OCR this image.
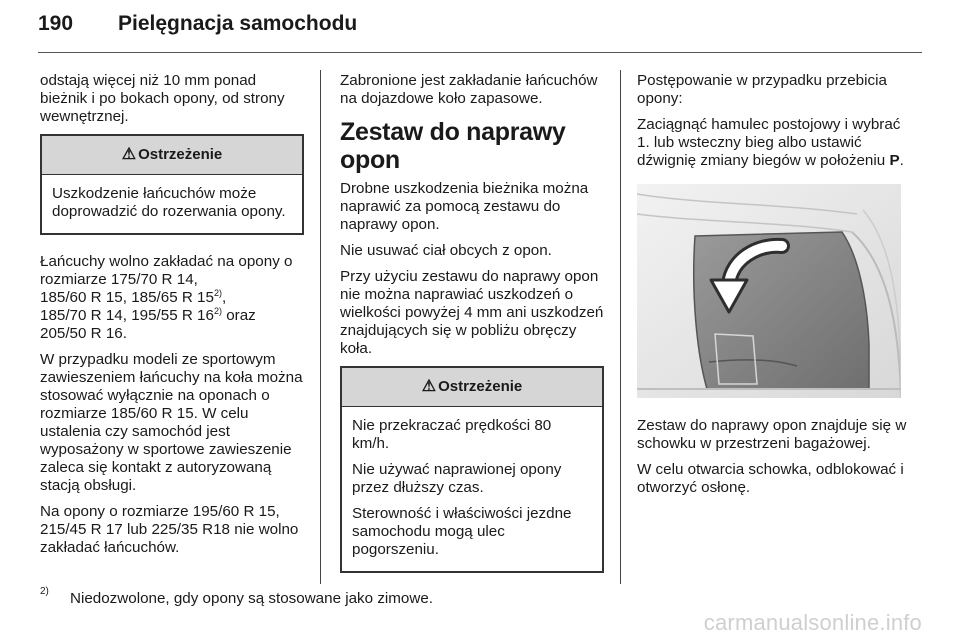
190	Pielęgnacja samochodu

odstają więcej niż 10 mm ponad bieżnik i po bokach opony, od strony wewnętrznej.

⚠ Ostrzeżenie

Uszkodzenie łańcuchów może doprowadzić do rozerwania opony.

Łańcuchy wolno zakładać na opony o rozmiarze 175/70 R 14,
185/60 R 15, 185/65 R 15$^{2)}$,
185/70 R 14, 195/55 R 16$^{2)}$ oraz
205/50 R 16.

W przypadku modeli ze sportowym zawieszeniem łańcuchy na koła można stosować wyłącznie na oponach o rozmiarze 185/60 R 15. W celu ustalenia czy samochód jest wyposażony w sportowe zawieszenie zaleca się kontakt z autoryzowaną stacją obsługi.

Na opony o rozmiarze 195/60 R 15, 215/45 R 17 lub 225/35 R18 nie wolno zakładać łańcuchów.

Zabronione jest zakładanie łańcuchów na dojazdowe koło zapasowe.

Zestaw do naprawy opon

Drobne uszkodzenia bieżnika można naprawić za pomocą zestawu do naprawy opon.

Nie usuwać ciał obcych z opon.

Przy użyciu zestawu do naprawy opon nie można naprawiać uszkodzeń o wielkości powyżej 4 mm ani uszkodzeń znajdujących się w pobliżu obręczy koła.

⚠ Ostrzeżenie

Nie przekraczać prędkości 80 km/h.

Nie używać naprawionej opony przez dłuższy czas.

Sterowność i właściwości jezdne samochodu mogą ulec pogorszeniu.

Postępowanie w przypadku przebicia opony:

Zaciągnąć hamulec postojowy i wybrać 1. lub wsteczny bieg albo ustawić dźwignię zmiany biegów w położeniu P.

Zestaw do naprawy opon znajduje się w schowku w przestrzeni bagażowej.

W celu otwarcia schowka, odblokować i otworzyć osłonę.

2)	Niedozwolone, gdy opony są stosowane jako zimowe.
carmanualsonline.info
